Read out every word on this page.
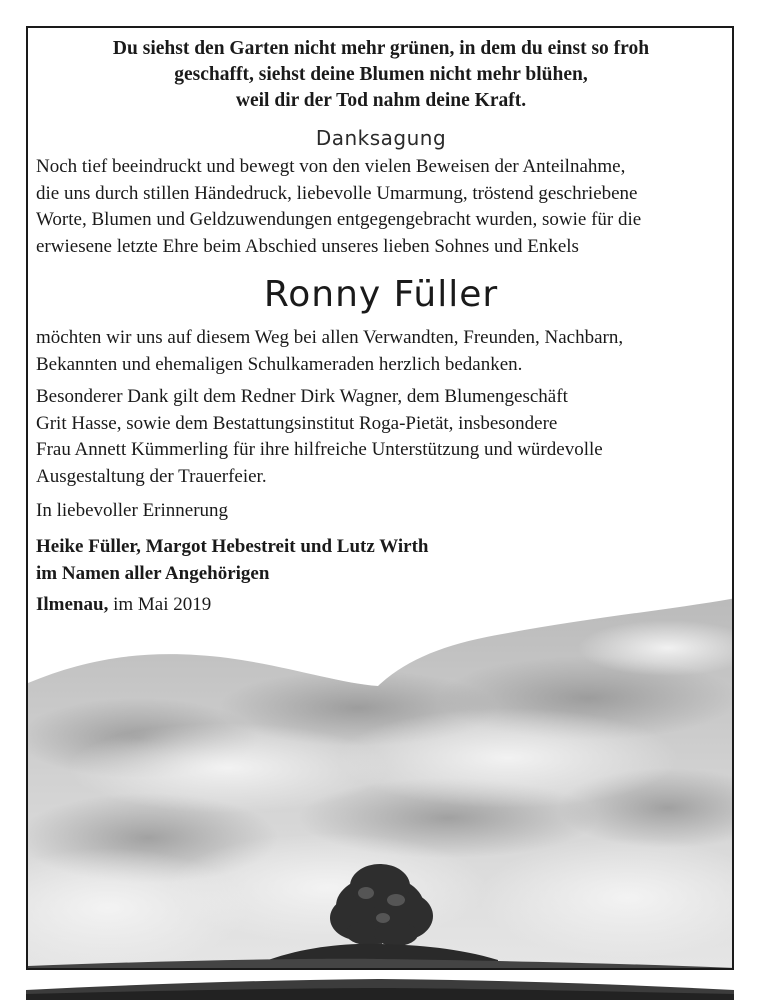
Du siehst den Garten nicht mehr grünen, in dem du einst so froh
geschafft, siehst deine Blumen nicht mehr blühen,
weil dir der Tod nahm deine Kraft.
Danksagung
Noch tief beeindruckt und bewegt von den vielen Beweisen der Anteilnahme,
die uns durch stillen Händedruck, liebevolle Umarmung, tröstend geschriebene
Worte, Blumen und Geldzuwendungen entgegengebracht wurden, sowie für die
erwiesene letzte Ehre beim Abschied unseres lieben Sohnes und Enkels
Ronny Füller
möchten wir uns auf diesem Weg bei allen Verwandten, Freunden, Nachbarn,
Bekannten und ehemaligen Schulkameraden herzlich bedanken.
Besonderer Dank gilt dem Redner Dirk Wagner, dem Blumengeschäft
Grit Hasse, sowie dem Bestattungsinstitut Roga-Pietät, insbesondere
Frau Annett Kümmerling für ihre hilfreiche Unterstützung und würdevolle
Ausgestaltung der Trauerfeier.
In liebevoller Erinnerung
Heike Füller, Margot Hebestreit und Lutz Wirth
im Namen aller Angehörigen
Ilmenau, im Mai 2019
